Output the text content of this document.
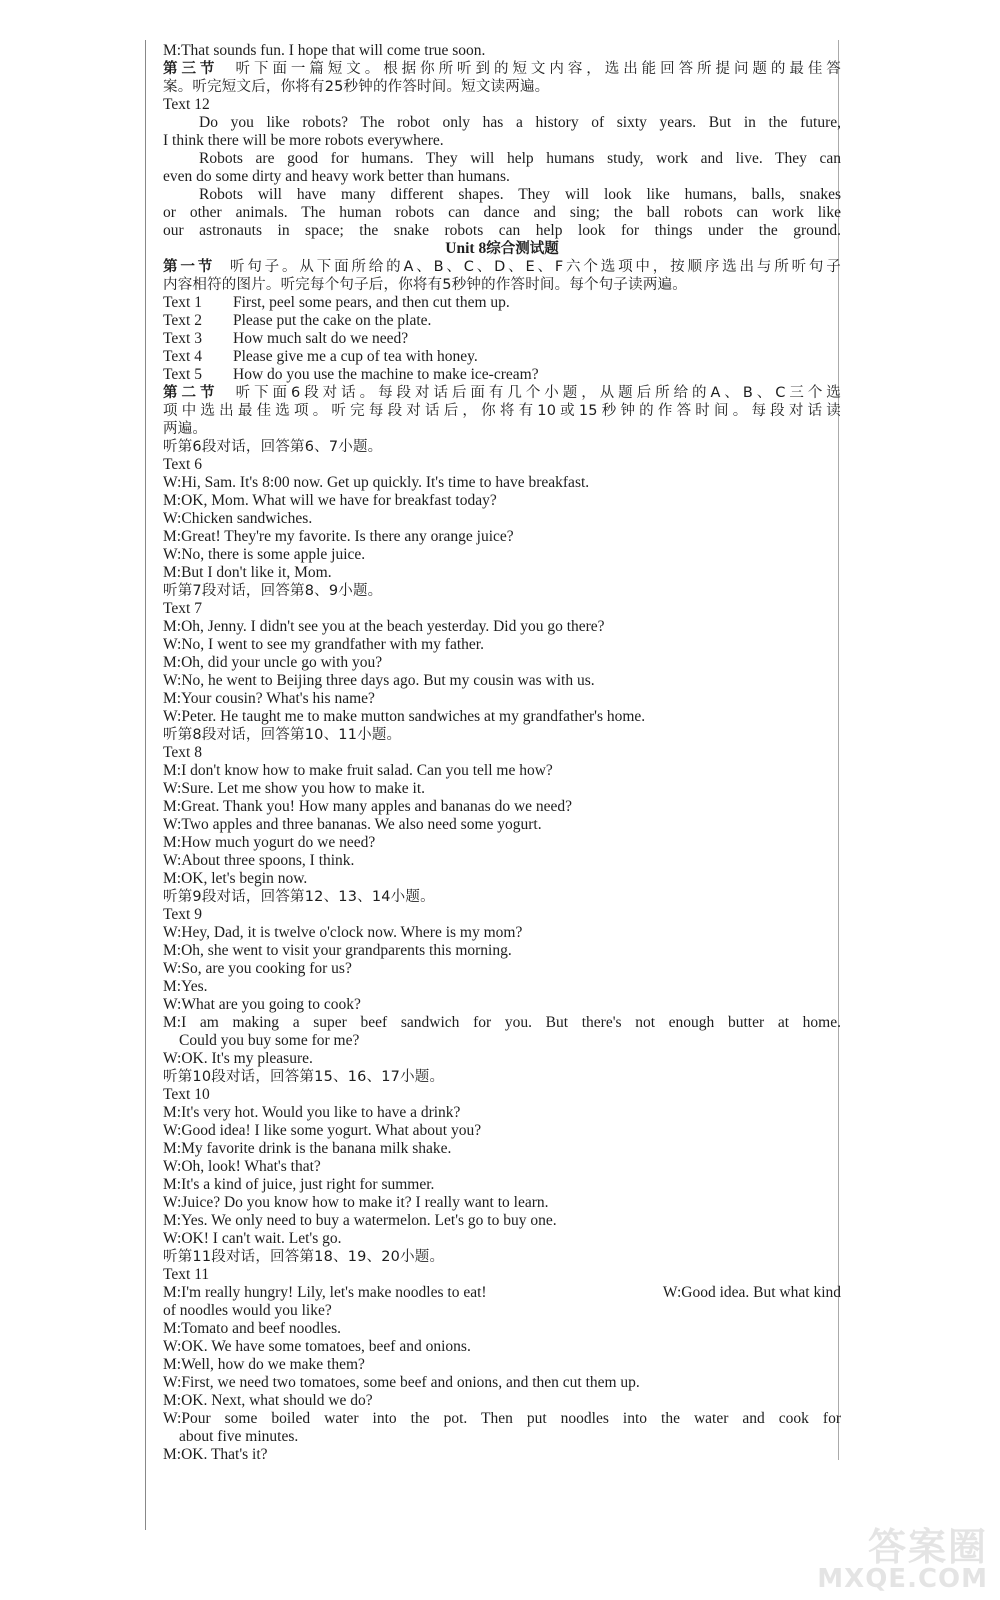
M:That sounds fun. I hope that will come true soon.
第三节 听下面一篇短文。根据你所听到的短文内容，选出能回答所提问题的最佳答
案。听完短文后，你将有25秒钟的作答时间。短文读两遍。
Text 12
Do you like robots? The robot only has a history of sixty years. But in the future,
I think there will be more robots everywhere.
Robots are good for humans. They will help humans study, work and live. They can
even do some dirty and heavy work better than humans.
Robots will have many different shapes. They will look like humans, balls, snakes
or other animals. The human robots can dance and sing; the ball robots can work like
our astronauts in space; the snake robots can help look for things under the ground.
Unit 8综合测试题
第一节 听句子。从下面所给的A、B、C、D、E、F六个选项中，按顺序选出与所听句子
内容相符的图片。听完每个句子后，你将有5秒钟的作答时间。每个句子读两遍。
Text 1 First, peel some pears, and then cut them up.
Text 2 Please put the cake on the plate.
Text 3 How much salt do we need?
Text 4 Please give me a cup of tea with honey.
Text 5 How do you use the machine to make ice-cream?
第二节 听下面6段对话。每段对话后面有几个小题，从题后所给的A、B、C三个选
项中选出最佳选项。听完每段对话后，你将有10或15秒钟的作答时间。每段对话读
两遍。
听第6段对话，回答第6、7小题。
Text 6
W:Hi, Sam. It's 8:00 now. Get up quickly. It's time to have breakfast.
M:OK, Mom. What will we have for breakfast today?
W:Chicken sandwiches.
M:Great! They're my favorite. Is there any orange juice?
W:No, there is some apple juice.
M:But I don't like it, Mom.
听第7段对话，回答第8、9小题。
Text 7
M:Oh, Jenny. I didn't see you at the beach yesterday. Did you go there?
W:No, I went to see my grandfather with my father.
M:Oh, did your uncle go with you?
W:No, he went to Beijing three days ago. But my cousin was with us.
M:Your cousin? What's his name?
W:Peter. He taught me to make mutton sandwiches at my grandfather's home.
听第8段对话，回答第10、11小题。
Text 8
M:I don't know how to make fruit salad. Can you tell me how?
W:Sure. Let me show you how to make it.
M:Great. Thank you! How many apples and bananas do we need?
W:Two apples and three bananas. We also need some yogurt.
M:How much yogurt do we need?
W:About three spoons, I think.
M:OK, let's begin now.
听第9段对话，回答第12、13、14小题。
Text 9
W:Hey, Dad, it is twelve o'clock now. Where is my mom?
M:Oh, she went to visit your grandparents this morning.
W:So, are you cooking for us?
M:Yes.
W:What are you going to cook?
M:I am making a super beef sandwich for you. But there's not enough butter at home.
Could you buy some for me?
W:OK. It's my pleasure.
听第10段对话，回答第15、16、17小题。
Text 10
M:It's very hot. Would you like to have a drink?
W:Good idea! I like some yogurt. What about you?
M:My favorite drink is the banana milk shake.
W:Oh, look! What's that?
M:It's a kind of juice, just right for summer.
W:Juice? Do you know how to make it? I really want to learn.
M:Yes. We only need to buy a watermelon. Let's go to buy one.
W:OK! I can't wait. Let's go.
听第11段对话，回答第18、19、20小题。
Text 11
M:I'm really hungry! Lily, let's make noodles to eat!	W:Good idea. But what kind
of noodles would you like?
M:Tomato and beef noodles.
W:OK. We have some tomatoes, beef and onions.
M:Well, how do we make them?
W:First, we need two tomatoes, some beef and onions, and then cut them up.
M:OK. Next, what should we do?
W:Pour some boiled water into the pot. Then put noodles into the water and cook for
about five minutes.
M:OK. That's it?
答案圈
MXQE.COM
